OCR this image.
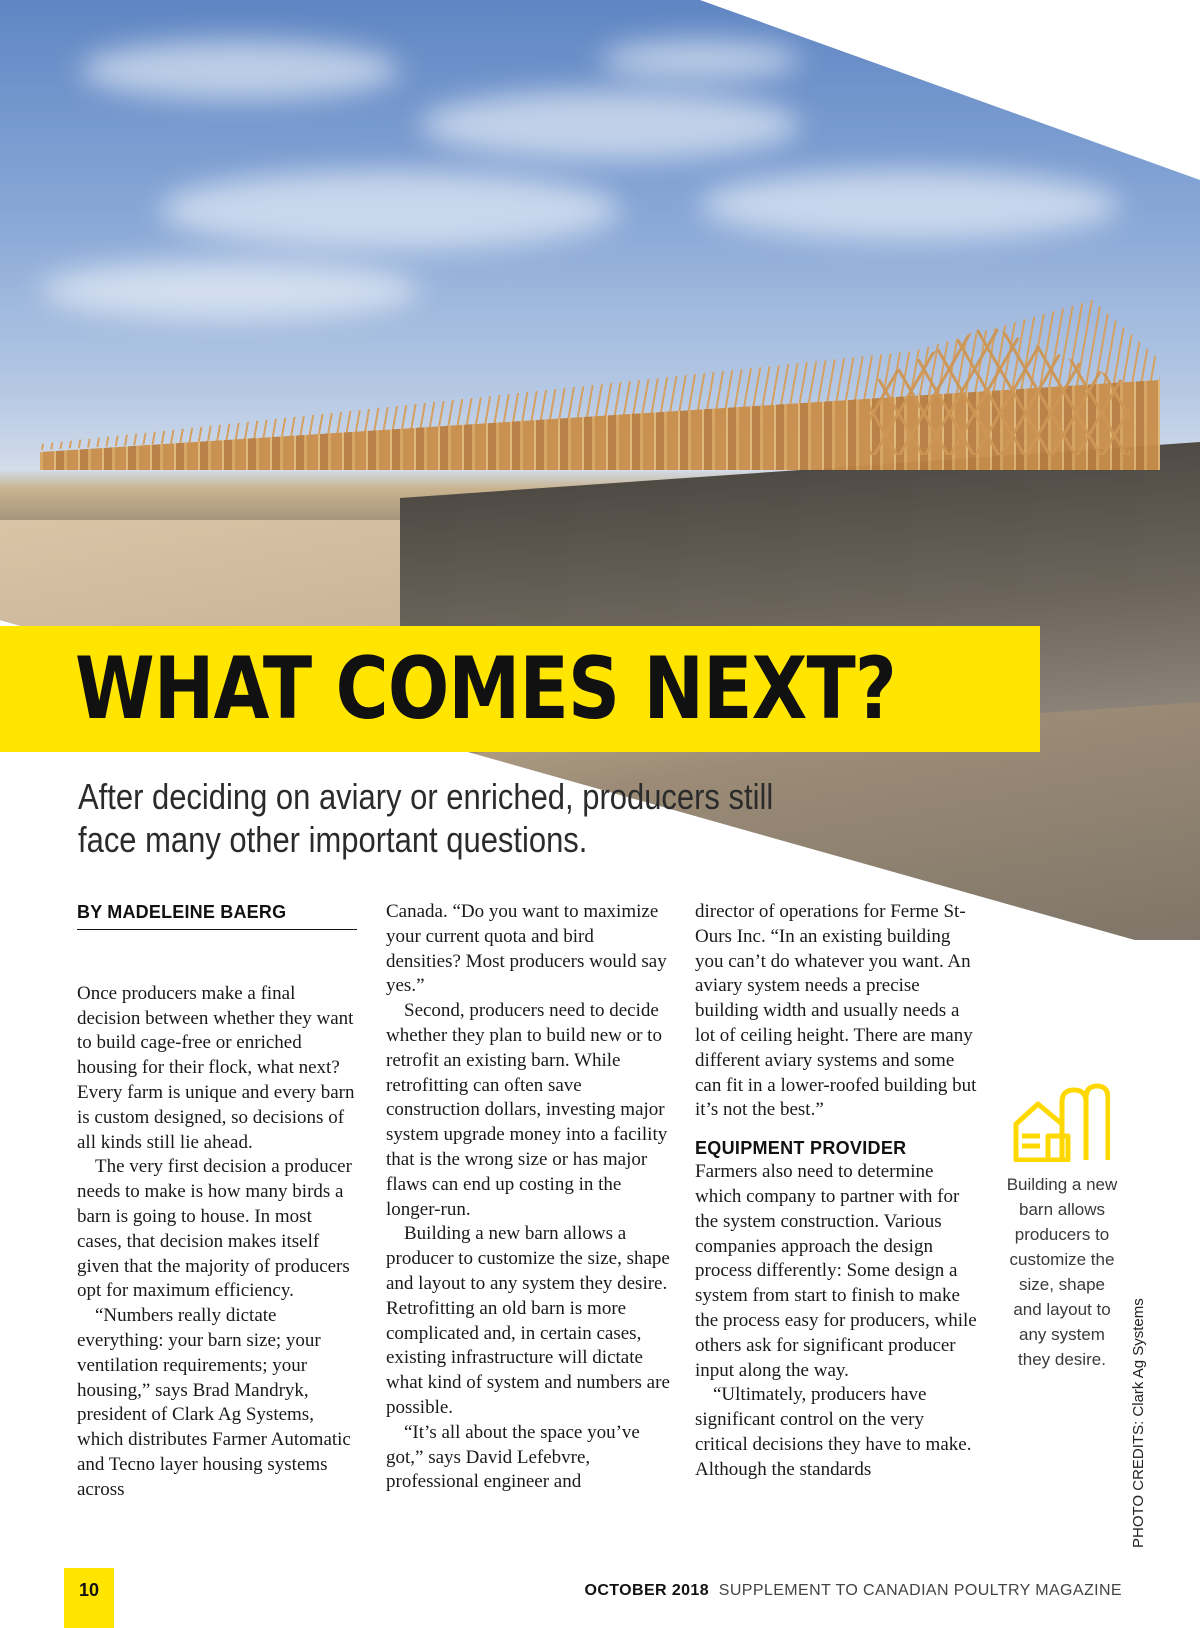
WHAT COMES NEXT?

After deciding on aviary or enriched, producers still face many other important questions.

BY MADELEINE BAERG

Once producers make a final decision between whether they want to build cage-free or enriched housing for their flock, what next? Every farm is unique and every barn is custom designed, so decisions of all kinds still lie ahead.

The very first decision a producer needs to make is how many birds a barn is going to house. In most cases, that decision makes itself given that the majority of producers opt for maximum efficiency.

“Numbers really dictate everything: your barn size; your ventilation requirements; your housing,” says Brad Mandryk, president of Clark Ag Systems, which distributes Farmer Automatic and Tecno layer housing systems across

Canada. “Do you want to maximize your current quota and bird densities? Most producers would say yes.”

Second, producers need to decide whether they plan to build new or to retrofit an existing barn. While retrofitting can often save construction dollars, investing major system upgrade money into a facility that is the wrong size or has major flaws can end up costing in the longer-run.

Building a new barn allows a producer to customize the size, shape and layout to any system they desire. Retrofitting an old barn is more complicated and, in certain cases, existing infrastructure will dictate what kind of system and numbers are possible.

“It’s all about the space you’ve got,” says David Lefebvre, professional engineer and

director of operations for Ferme St-Ours Inc. “In an existing building you can’t do whatever you want. An aviary system needs a precise building width and usually needs a lot of ceiling height. There are many different aviary systems and some can fit in a lower-roofed building but it’s not the best.”

EQUIPMENT PROVIDER

Farmers also need to determine which company to partner with for the system construction. Various companies approach the design process differently: Some design a system from start to finish to make the process easy for producers, while others ask for significant producer input along the way.

“Ultimately, producers have significant control on the very critical decisions they have to make. Although the standards

Building a new barn allows producers to customize the size, shape and layout to any system they desire.	PHOTO CREDITS: Clark Ag Systems

10	OCTOBER 2018 SUPPLEMENT TO CANADIAN POULTRY MAGAZINE
